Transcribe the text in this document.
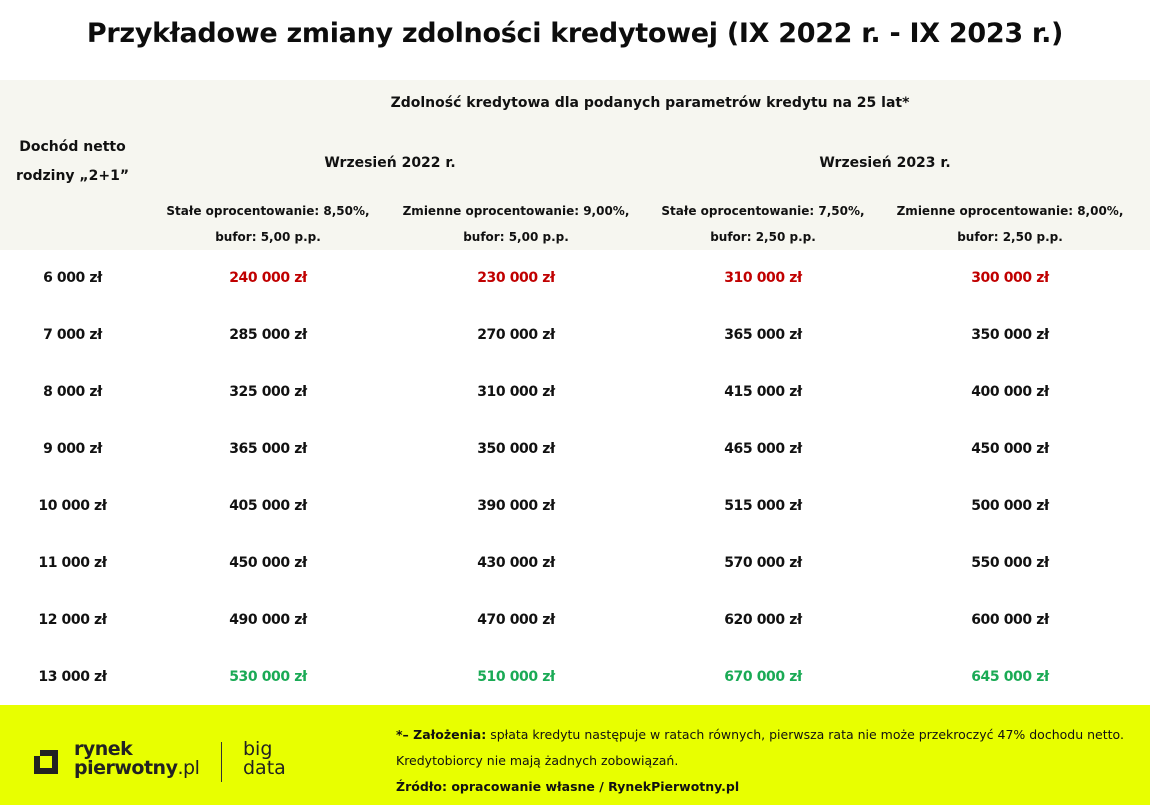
Przykładowe zmiany zdolności kredytowej (IX 2022 r. - IX 2023 r.)
Dochód netto
rodziny „2+1”
Zdolność kredytowa dla podanych parametrów kredytu na 25 lat*
Wrzesień 2022 r.	Wrzesień 2023 r.
Stałe oprocentowanie: 8,50%,
bufor: 5,00 p.p.
Zmienne oprocentowanie: 9,00%,
bufor: 5,00 p.p.
Stałe oprocentowanie: 7,50%,
bufor: 2,50 p.p.
Zmienne oprocentowanie: 8,00%,
bufor: 2,50 p.p.
6 000 zł	240 000 zł	230 000 zł	310 000 zł	300 000 zł
7 000 zł	285 000 zł	270 000 zł	365 000 zł	350 000 zł
8 000 zł	325 000 zł	310 000 zł	415 000 zł	400 000 zł
9 000 zł	365 000 zł	350 000 zł	465 000 zł	450 000 zł
10 000 zł	405 000 zł	390 000 zł	515 000 zł	500 000 zł
11 000 zł	450 000 zł	430 000 zł	570 000 zł	550 000 zł
12 000 zł	490 000 zł	470 000 zł	620 000 zł	600 000 zł
13 000 zł	530 000 zł	510 000 zł	670 000 zł	645 000 zł
rynek
pierwotny.pl
big
data
*– Założenia: spłata kredytu następuje w ratach równych, pierwsza rata nie może przekroczyć 47% dochodu netto.
Kredytobiorcy nie mają żadnych zobowiązań.
Źródło: opracowanie własne / RynekPierwotny.pl
